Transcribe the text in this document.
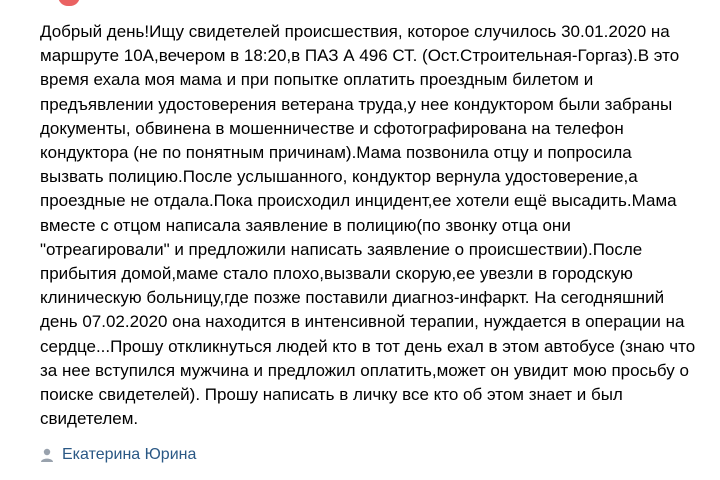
Добрый день!Ищу свидетелей происшествия, которое случилось 30.01.2020 на
маршруте 10А,вечером в 18:20,в ПАЗ А 496 СТ. (Ост.Строительная-Горгаз).В это
время ехала моя мама и при попытке оплатить проездным билетом и
предъявлении удостоверения ветерана труда,у нее кондуктором были забраны
документы, обвинена в мошенничестве и сфотографирована на телефон
кондуктора (не по понятным причинам).Мама позвонила отцу и попросила
вызвать полицию.После услышанного, кондуктор вернула удостоверение,а
проездные не отдала.Пока происходил инцидент,ее хотели ещё высадить.Мама
вместе с отцом написала заявление в полицию(по звонку отца они
"отреагировали" и предложили написать заявление о происшествии).После
прибытия домой,маме стало плохо,вызвали скорую,ее увезли в городскую
клиническую больницу,где позже поставили диагноз-инфаркт. На сегодняшний
день 07.02.2020 она находится в интенсивной терапии, нуждается в операции на
сердце...Прошу откликнуться людей кто в тот день ехал в этом автобусе (знаю что
за нее вступился мужчина и предложил оплатить,может он увидит мою просьбу о
поиске свидетелей). Прошу написать в личку все кто об этом знает и был
свидетелем.

Екатерина Юрина
